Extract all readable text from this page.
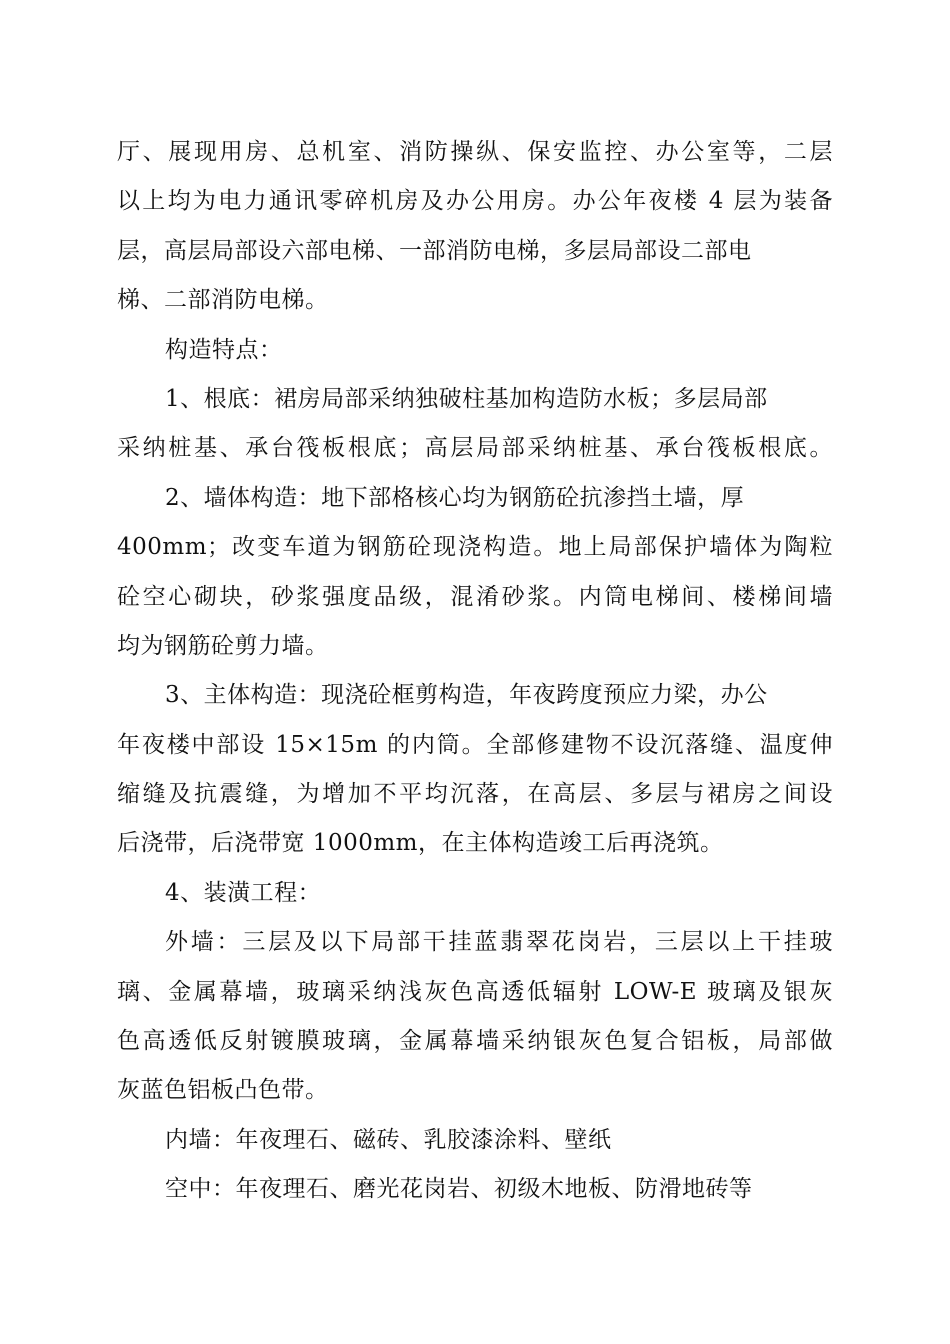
厅、展现用房、总机室、消防操纵、保安监控、办公室等，二层
以上均为电力通讯零碎机房及办公用房。办公年夜楼 4 层为装备
层，高层局部设六部电梯、一部消防电梯，多层局部设二部电
梯、二部消防电梯。
构造特点：
1、根底：裙房局部采纳独破柱基加构造防水板；多层局部
采纳桩基、承台筏板根底；高层局部采纳桩基、承台筏板根底。
2、墙体构造：地下部格核心均为钢筋砼抗渗挡土墙，厚
400mm；改变车道为钢筋砼现浇构造。地上局部保护墙体为陶粒
砼空心砌块，砂浆强度品级，混淆砂浆。内筒电梯间、楼梯间墙
均为钢筋砼剪力墙。
3、主体构造：现浇砼框剪构造，年夜跨度预应力梁，办公
年夜楼中部设 15×15m 的内筒。全部修建物不设沉落缝、温度伸
缩缝及抗震缝，为增加不平均沉落，在高层、多层与裙房之间设
后浇带，后浇带宽 1000mm，在主体构造竣工后再浇筑。
4、装潢工程：
外墙：三层及以下局部干挂蓝翡翠花岗岩，三层以上干挂玻
璃、金属幕墙，玻璃采纳浅灰色高透低辐射 LOW-E 玻璃及银灰
色高透低反射镀膜玻璃，金属幕墙采纳银灰色复合铝板，局部做
灰蓝色铝板凸色带。
内墙：年夜理石、磁砖、乳胶漆涂料、壁纸
空中：年夜理石、磨光花岗岩、初级木地板、防滑地砖等
